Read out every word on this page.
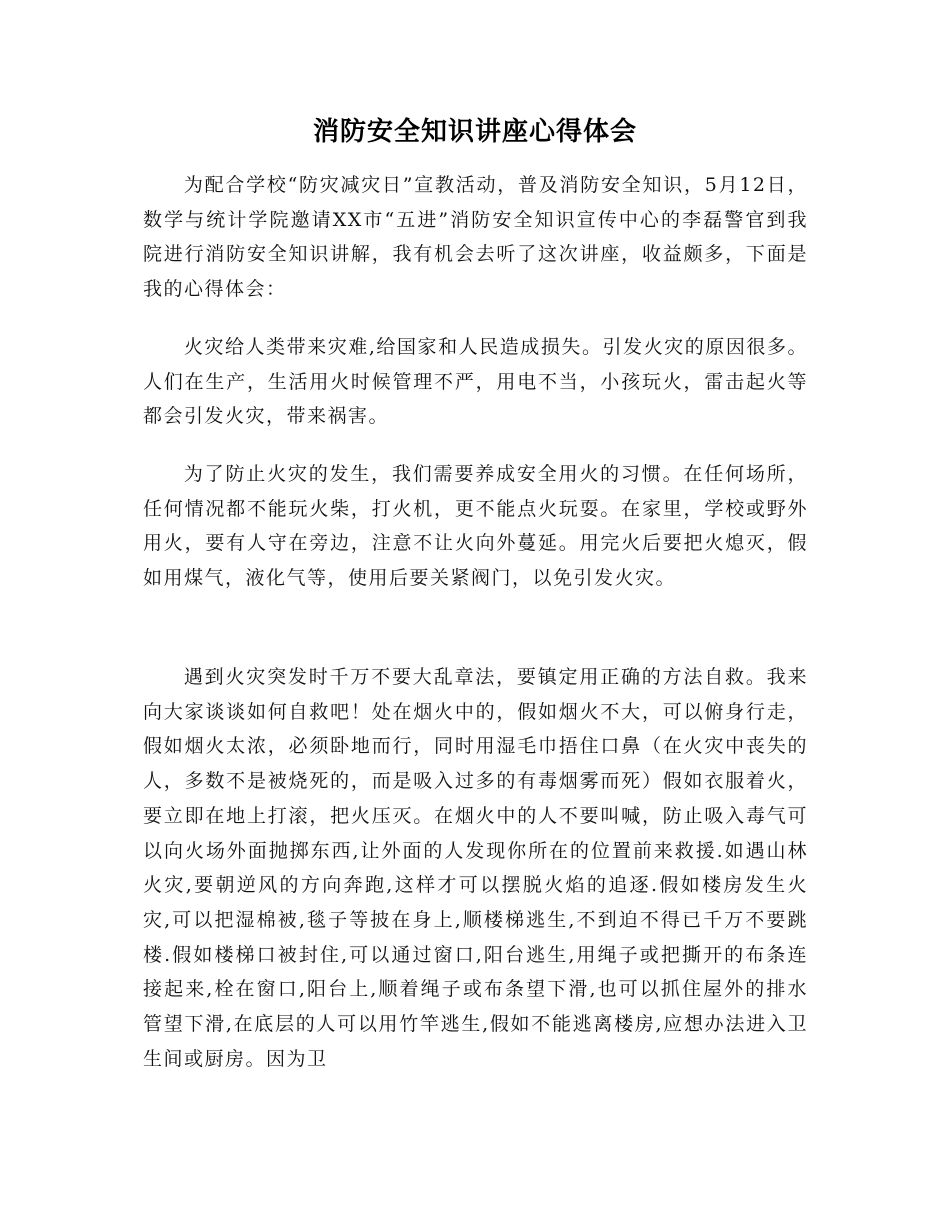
消防安全知识讲座心得体会

为配合学校“防灾减灾日”宣教活动，普及消防安全知识，5月12日，数学与统计学院邀请XX市“五进”消防安全知识宣传中心的李磊警官到我院进行消防安全知识讲解，我有机会去听了这次讲座，收益颇多，下面是我的心得体会：

火灾给人类带来灾难,给国家和人民造成损失。引发火灾的原因很多。人们在生产，生活用火时候管理不严，用电不当，小孩玩火，雷击起火等都会引发火灾，带来祸害。

为了防止火灾的发生，我们需要养成安全用火的习惯。在任何场所，任何情况都不能玩火柴，打火机，更不能点火玩耍。在家里，学校或野外用火，要有人守在旁边，注意不让火向外蔓延。用完火后要把火熄灭，假如用煤气，液化气等，使用后要关紧阀门，以免引发火灾。

遇到火灾突发时千万不要大乱章法，要镇定用正确的方法自救。我来向大家谈谈如何自救吧！处在烟火中的，假如烟火不大，可以俯身行走，假如烟火太浓，必须卧地而行，同时用湿毛巾捂住口鼻（在火灾中丧失的人，多数不是被烧死的，而是吸入过多的有毒烟雾而死）假如衣服着火，要立即在地上打滚，把火压灭。在烟火中的人不要叫喊，防止吸入毒气可以向火场外面抛掷东西,让外面的人发现你所在的位置前来救援.如遇山林火灾,要朝逆风的方向奔跑,这样才可以摆脱火焰的追逐.假如楼房发生火灾,可以把湿棉被,毯子等披在身上,顺楼梯逃生,不到迫不得已千万不要跳楼.假如楼梯口被封住,可以通过窗口,阳台逃生,用绳子或把撕开的布条连接起来,栓在窗口,阳台上,顺着绳子或布条望下滑,也可以抓住屋外的排水管望下滑,在底层的人可以用竹竿逃生,假如不能逃离楼房,应想办法进入卫生间或厨房。因为卫
